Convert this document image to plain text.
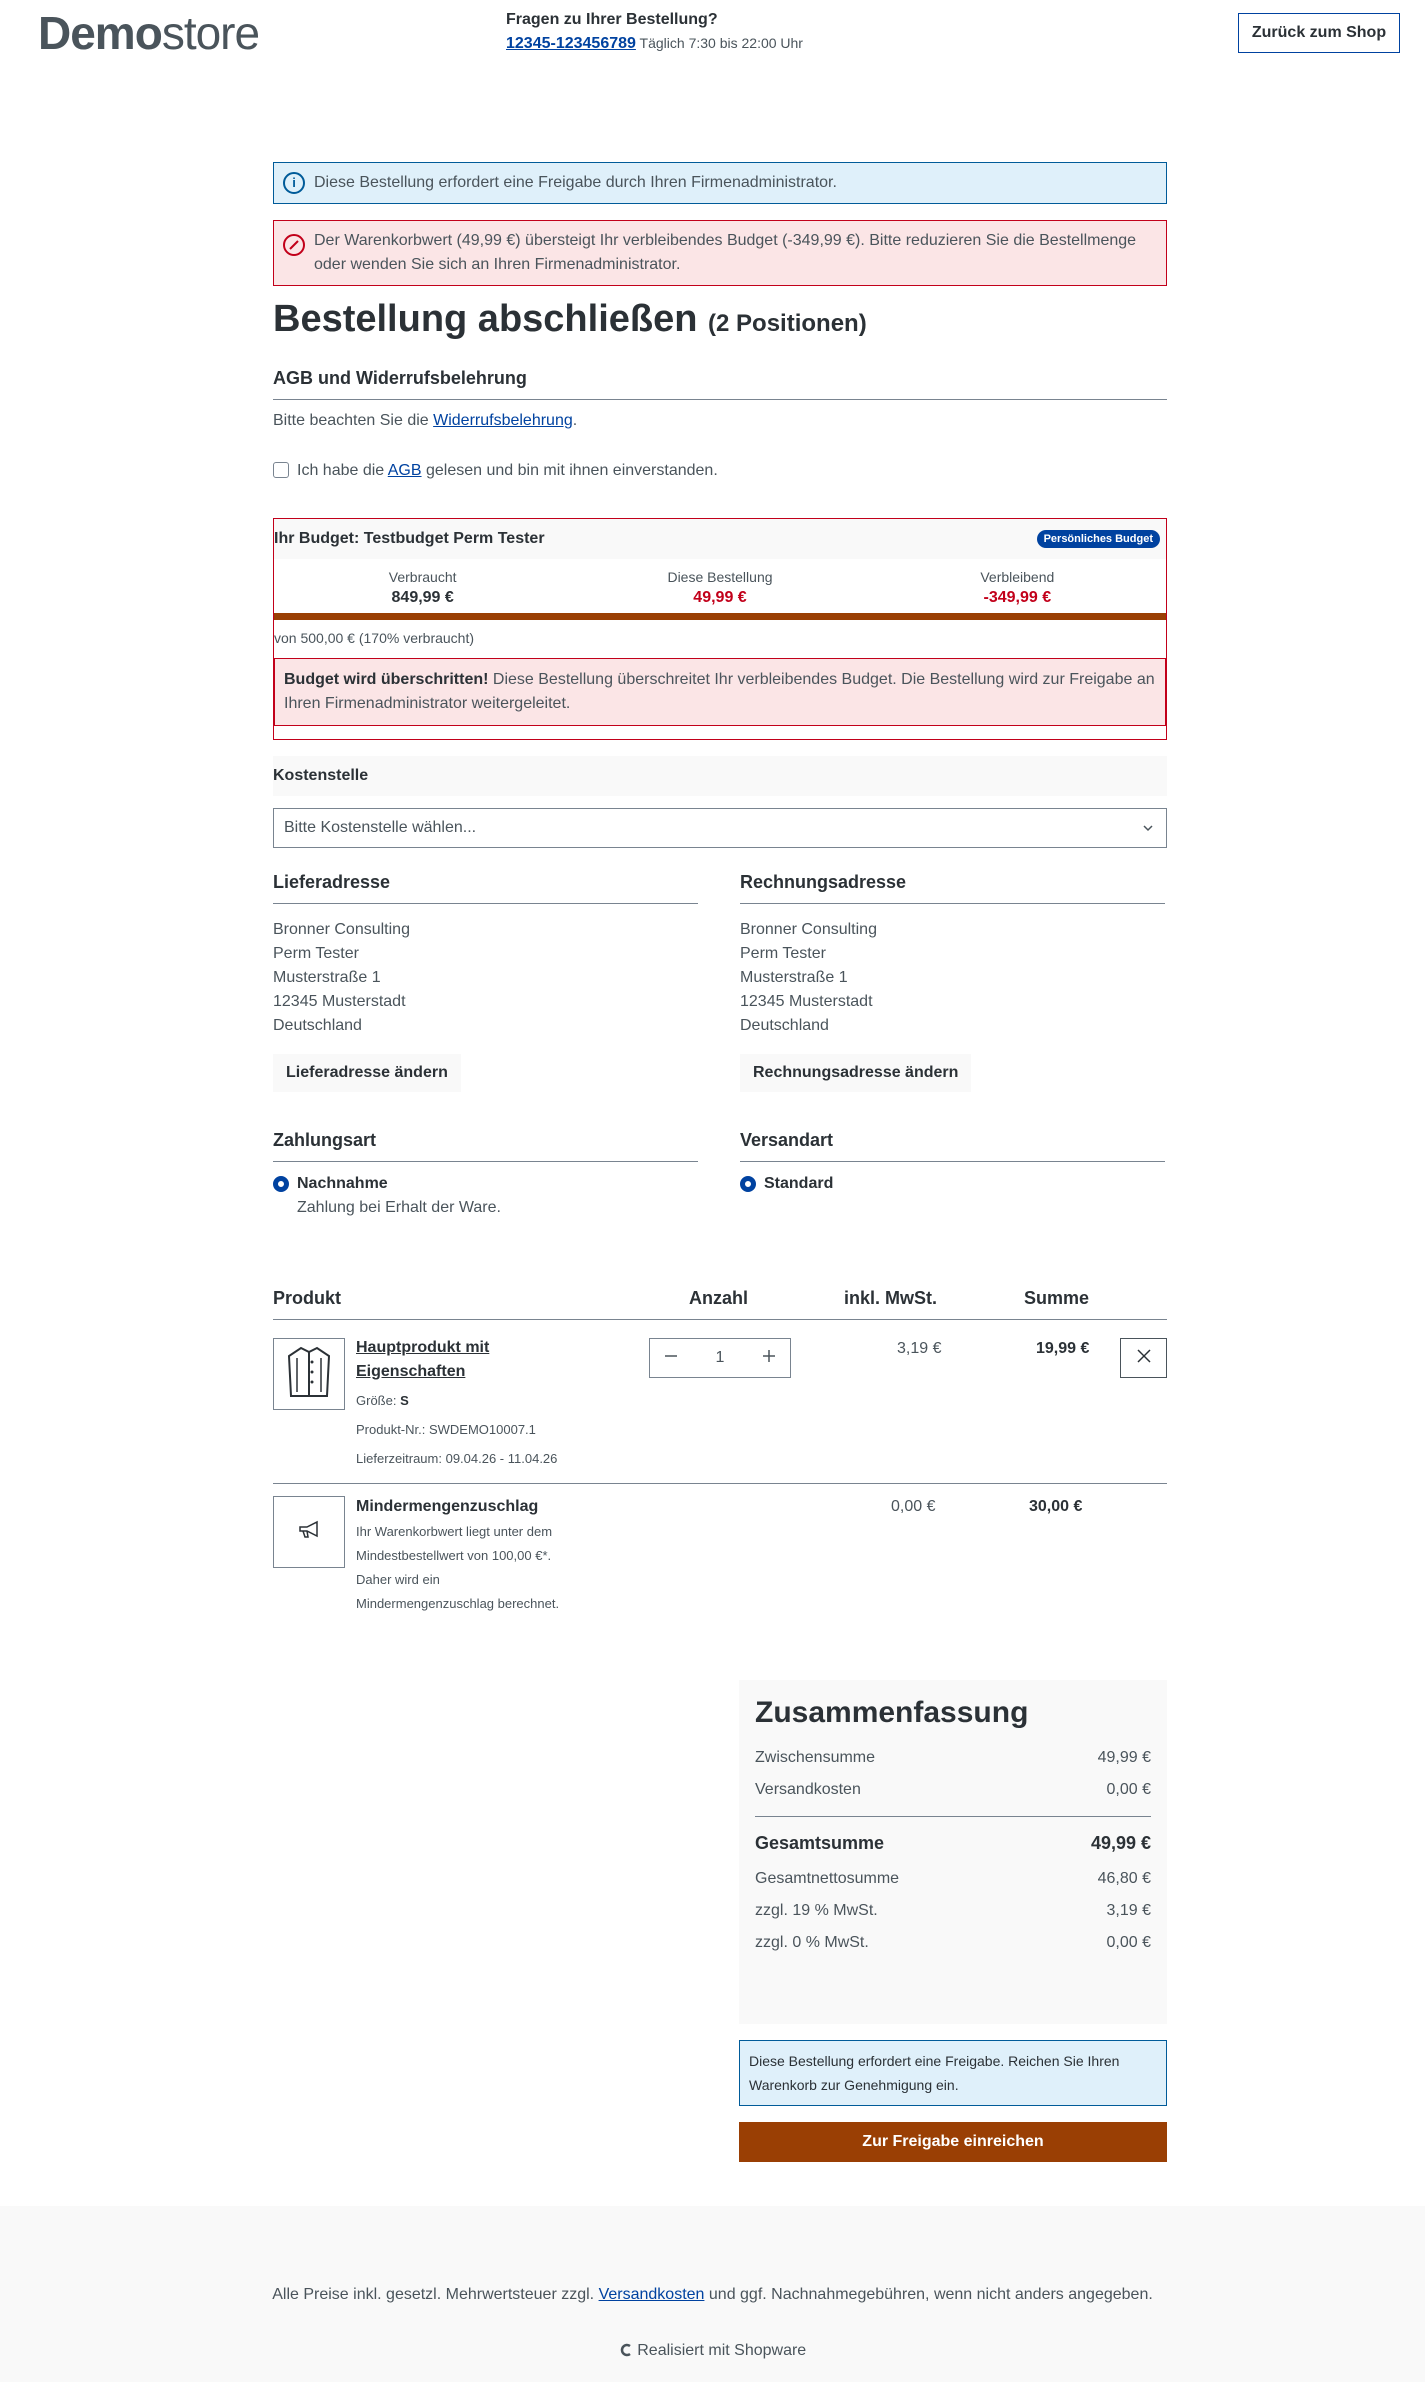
Demostore	Fragen zu Ihrer Bestellung?
12345-123456789 Täglich 7:30 bis 22:00 Uhr
Zurück zum Shop
i	Diese Bestellung erfordert eine Freigabe durch Ihren Firmenadministrator.
Der Warenkorbwert (49,99 €) übersteigt Ihr verbleibendes Budget (-349,99 €). Bitte reduzieren Sie die Bestellmenge oder wenden Sie sich an Ihren Firmenadministrator.
Bestellung abschließen (2 Positionen)
AGB und Widerrufsbelehrung
Bitte beachten Sie die Widerrufsbelehrung.
Ich habe die AGB gelesen und bin mit ihnen einverstanden.
Ihr Budget: Testbudget Perm Tester	Persönliches Budget
Verbraucht
849,99 €
Diese Bestellung
49,99 €
Verbleibend
-349,99 €
von 500,00 € (170% verbraucht)
Budget wird überschritten! Diese Bestellung überschreitet Ihr verbleibendes Budget. Die Bestellung wird zur Freigabe an Ihren Firmenadministrator weitergeleitet.
Kostenstelle
Bitte Kostenstelle wählen...
Lieferadresse
Bronner Consulting
Perm Tester
Musterstraße 1
12345 Musterstadt
Deutschland
Lieferadresse ändern
Rechnungsadresse
Bronner Consulting
Perm Tester
Musterstraße 1
12345 Musterstadt
Deutschland
Rechnungsadresse ändern
Zahlungsart
Nachnahme
Zahlung bei Erhalt der Ware.
Versandart
Standard
Produkt	Anzahl	inkl. MwSt.	Summe
Hauptprodukt mit
Eigenschaften
Größe: S
Produkt-Nr.: SWDEMO10007.1
Lieferzeitraum: 09.04.26 - 11.04.26
1
3,19 €	19,99 €
Mindermengenzuschlag
Ihr Warenkorbwert liegt unter dem
Mindestbestellwert von 100,00 €*.
Daher wird ein
Mindermengenzuschlag berechnet.
0,00 €	30,00 €
Zusammenfassung
Zwischensumme	49,99 €
Versandkosten	0,00 €
Gesamtsumme	49,99 €
Gesamtnettosumme	46,80 €
zzgl. 19 % MwSt.	3,19 €
zzgl. 0 % MwSt.	0,00 €
Diese Bestellung erfordert eine Freigabe. Reichen Sie Ihren Warenkorb zur Genehmigung ein.
Zur Freigabe einreichen
Alle Preise inkl. gesetzl. Mehrwertsteuer zzgl. Versandkosten und ggf. Nachnahmegebühren, wenn nicht anders angegeben.
Realisiert mit Shopware
